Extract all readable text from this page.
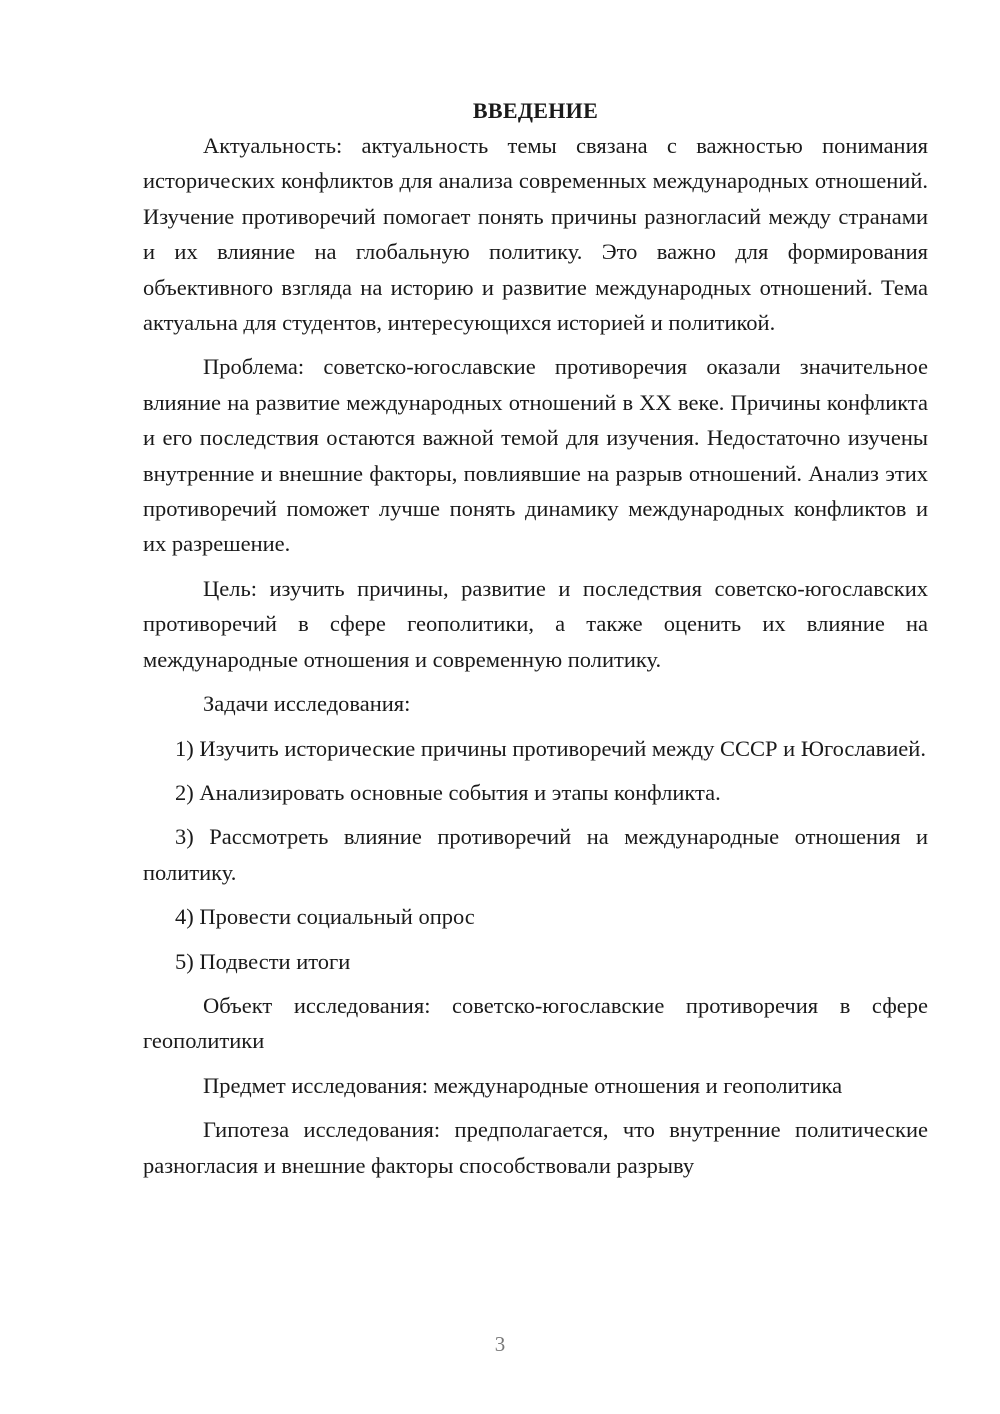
ВВЕДЕНИЕ

Актуальность: актуальность темы связана с важностью понимания исторических конфликтов для анализа современных международных отношений. Изучение противоречий помогает понять причины разногласий между странами и их влияние на глобальную политику. Это важно для формирования объективного взгляда на историю и развитие международных отношений. Тема актуальна для студентов, интересующихся историей и политикой.

Проблема: советско-югославские противоречия оказали значительное влияние на развитие международных отношений в XX веке. Причины конфликта и его последствия остаются важной темой для изучения. Недостаточно изучены внутренние и внешние факторы, повлиявшие на разрыв отношений. Анализ этих противоречий поможет лучше понять динамику международных конфликтов и их разрешение.

Цель: изучить причины, развитие и последствия советско-югославских противоречий в сфере геополитики, а также оценить их влияние на международные отношения и современную политику.

Задачи исследования:

1) Изучить исторические причины противоречий между СССР и Югославией.

2) Анализировать основные события и этапы конфликта.

3) Рассмотреть влияние противоречий на международные отношения и политику.

4) Провести социальный опрос

5) Подвести итоги

Объект исследования: советско-югославские противоречия в сфере геополитики

Предмет исследования: международные отношения и геополитика

Гипотеза исследования: предполагается, что внутренние политические разногласия и внешние факторы способствовали разрыву

3
